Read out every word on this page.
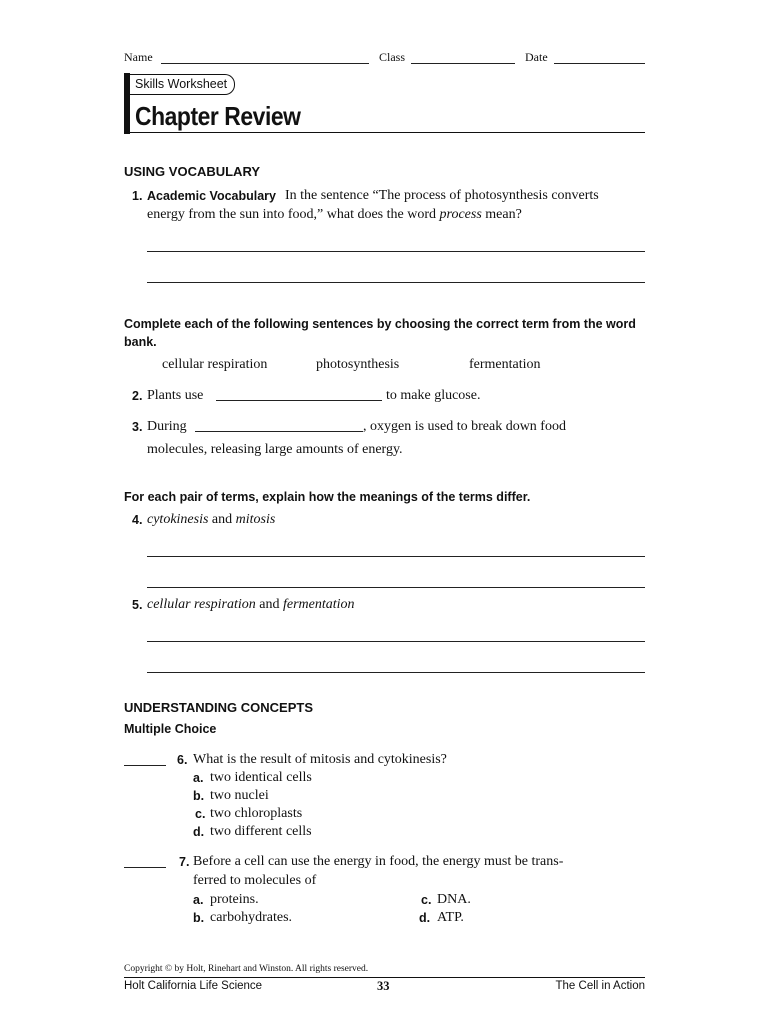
Name	Class	Date
Skills Worksheet
Chapter Review
USING VOCABULARY
1. Academic Vocabulary In the sentence “The process of photosynthesis converts
energy from the sun into food,” what does the word process mean?
Complete each of the following sentences by choosing the correct term from the word bank.
cellular respiration	photosynthesis	fermentation
2. Plants use	to make glucose.
3. During	, oxygen is used to break down food
molecules, releasing large amounts of energy.
For each pair of terms, explain how the meanings of the terms differ.
4. cytokinesis and mitosis
5. cellular respiration and fermentation
UNDERSTANDING CONCEPTS
Multiple Choice
6. What is the result of mitosis and cytokinesis?
a. two identical cells
b. two nuclei
c. two chloroplasts
d. two different cells
7. Before a cell can use the energy in food, the energy must be trans-
ferred to molecules of
a. proteins.
b. carbohydrates.
c. DNA.
d. ATP.
Copyright © by Holt, Rinehart and Winston. All rights reserved.
Holt California Life Science	33	The Cell in Action
